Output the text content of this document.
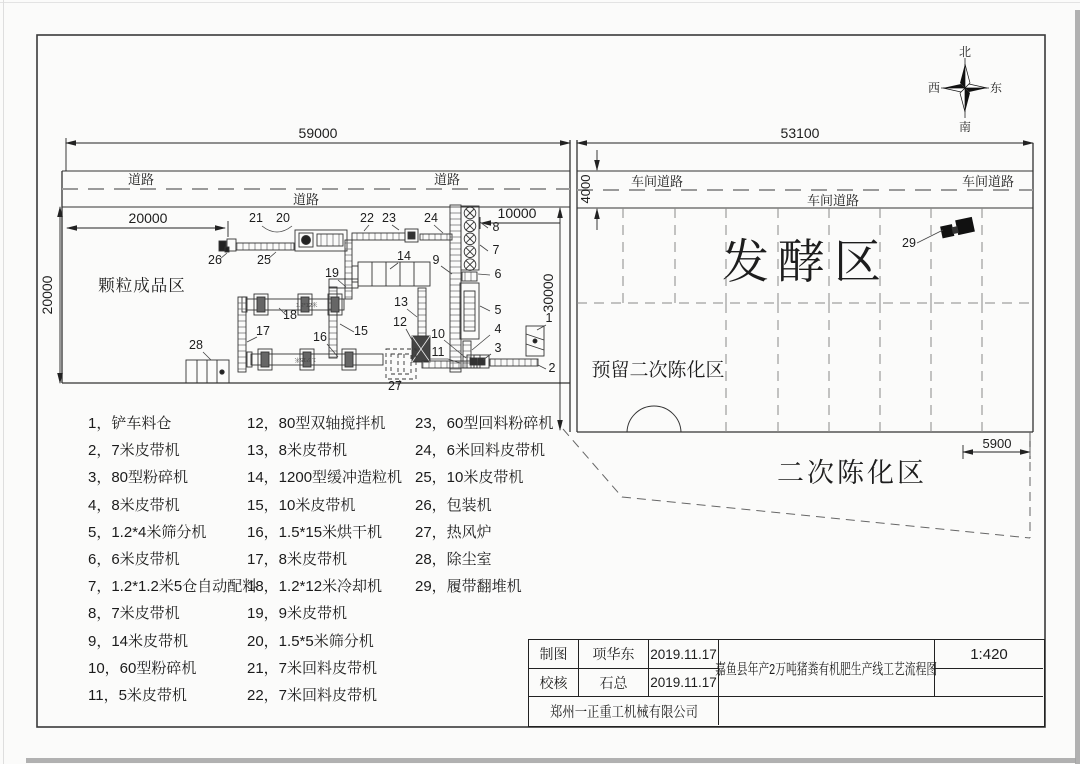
道路	道路
道路
车间道路	车间道路
车间道路
59000	53100
20000	10000
5900
20000	30000
4000
发酵区
预留二次陈化区
二次陈化区
颗粒成品区
1.2*12米
1.5*15米
1
2
3
4
5
6
7
8
9
10
11
12
13
14
15
16
17
18
19
20
21	22 23 24
25
26
27
28
29
北
南
西	东
1，铲车料仓
2，7米皮带机
3，80型粉碎机
4，8米皮带机
5，1.2*4米筛分机
6，6米皮带机
7，1.2*1.2米5仓自动配料
8，7米皮带机
9，14米皮带机
10，60型粉碎机
11，5米皮带机
12，80型双轴搅拌机
13，8米皮带机
14，1200型缓冲造粒机
15，10米皮带机
16，1.5*15米烘干机
17，8米皮带机
18，1.2*12米冷却机
19，9米皮带机
20，1.5*5米筛分机
21，7米回料皮带机
22，7米回料皮带机
23，60型回料粉碎机
24，6米回料皮带机
25，10米皮带机
26，包装机
27，热风炉
28，除尘室
29，履带翻堆机
制图	项华东	2019.11.17
校核	石总	2019.11.17
郑州一正重工机械有限公司
嘉鱼县年产2万吨猪粪有机肥生产线工艺流程图
1:420
